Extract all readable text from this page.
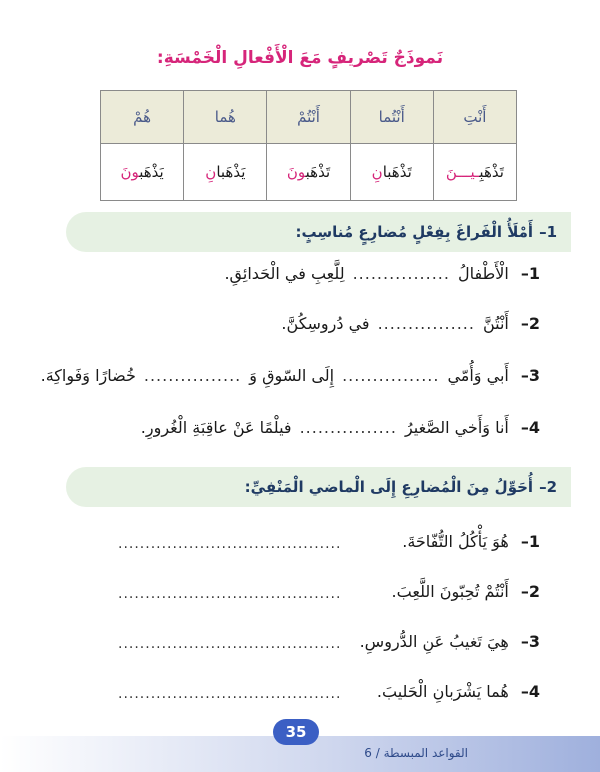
نَموذَجٌ تَصْريفٍ مَعَ الْأَفْعالِ الْخَمْسَةِ:
أَنْتِ	أَنْتُما	أَنْتُمْ	هُما	هُمْ
تَذْهَبِـيـــنَ	تَذْهَبانِ	تَذْهَبونَ	يَذْهَبانِ	يَذْهَبونَ
1–
أَمْلَأُ الْفَراغَ بِفِعْلٍ مُضارِعٍ مُناسِبٍ:
1–
الْأَطْفالُ
................
لِلَّعِبِ في الْحَدائِقِ.
2–
أَنْتُنَّ
................
في دُروسِكُنَّ.
3–
أَبي وَأُمّي
................
إِلَى السّوقِ وَ
................
خُضارًا وَفَواكِهَ.
4–
أَنا وَأَخي الصَّغيرُ
................
فيلْمًا عَنْ عاقِبَةِ الْغُرورِ.
2–
أُحَوِّلُ مِنَ الْمُضارِعِ إِلَى الْماضي الْمَنْفِيِّ:
1–
هُوَ يَأْكُلُ التُّفّاحَةَ.
.........................................
2–
أَنْتُمْ تُحِبّونَ اللَّعِبَ.
.........................................
3–
هِيَ تَغيبُ عَنِ الدُّروسِ.
.........................................
4–
هُما يَشْرَبانِ الْحَليبَ.
.........................................
القواعد المبسطة / 6
35
